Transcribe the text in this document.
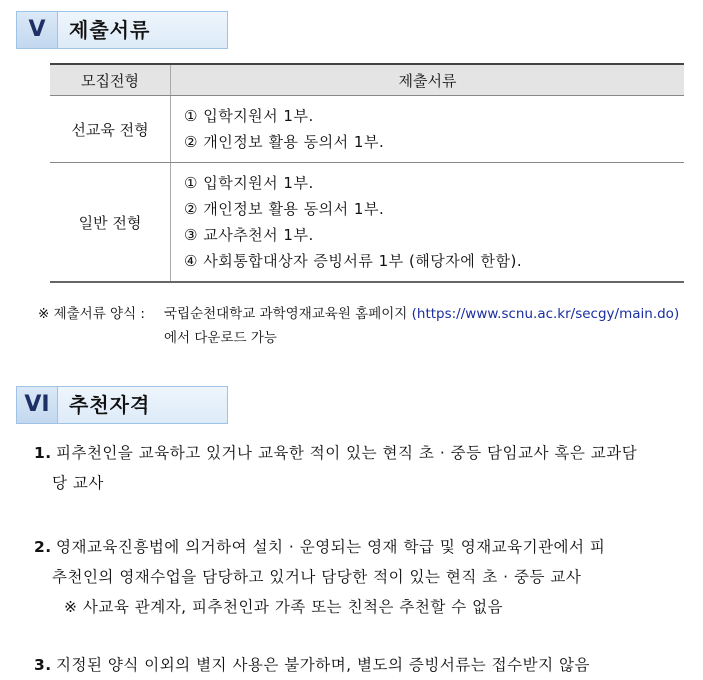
V	제출서류
모집전형	제출서류
선교육 전형	① 입학지원서 1부.
② 개인정보 활용 동의서 1부.

일반 전형	① 입학지원서 1부.
② 개인정보 활용 동의서 1부.
③ 교사추천서 1부.
④ 사회통합대상자 증빙서류 1부 (해당자에 한함).
※ 제출서류 양식 : 국립순천대학교 과학영재교육원 홈페이지 (https://www.scnu.ac.kr/secgy/main.do)
에서 다운로드 가능
VI 추천자격
1. 피추천인을 교육하고 있거나 교육한 적이 있는 현직 초 · 중등 담임교사 혹은 교과담
당 교사
2. 영재교육진흥법에 의거하여 설치 · 운영되는 영재 학급 및 영재교육기관에서 피
추천인의 영재수업을 담당하고 있거나 담당한 적이 있는 현직 초 · 중등 교사
※ 사교육 관계자, 피추천인과 가족 또는 친척은 추천할 수 없음
3. 지정된 양식 이외의 별지 사용은 불가하며, 별도의 증빙서류는 접수받지 않음
